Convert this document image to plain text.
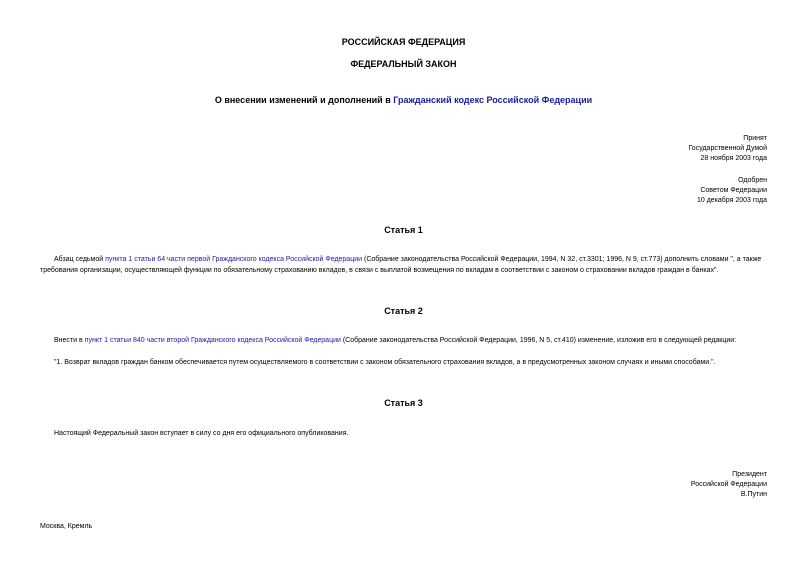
РОССИЙСКАЯ ФЕДЕРАЦИЯ
ФЕДЕРАЛЬНЫЙ ЗАКОН
О внесении изменений и дополнений в Гражданский кодекс Российской Федерации
Принят
Государственной Думой
28 ноября 2003 года
Одобрен
Советом Федерации
10 декабря 2003 года
Статья 1
Абзац седьмой пункта 1 статьи 64 части первой Гражданского кодекса Российской Федерации (Собрание законодательства Российской Федерации, 1994, N 32, ст.3301; 1996, N 9, ст.773) дополнить словами ", а также требования организации, осуществляющей функции по обязательному страхованию вкладов, в связи с выплатой возмещения по вкладам в соответствии с законом о страховании вкладов граждан в банках".
Статья 2
Внести в пункт 1 статьи 840 части второй Гражданского кодекса Российской Федерации (Собрание законодательства Российской Федерации, 1996, N 5, ст.410) изменение, изложив его в следующей редакции:
"1. Возврат вкладов граждан банком обеспечивается путем осуществляемого в соответствии с законом обязательного страхования вкладов, а в предусмотренных законом случаях и иными способами.".
Статья 3
Настоящий Федеральный закон вступает в силу со дня его официального опубликования.
Президент
Российской Федерации
В.Путин
Москва, Кремль
